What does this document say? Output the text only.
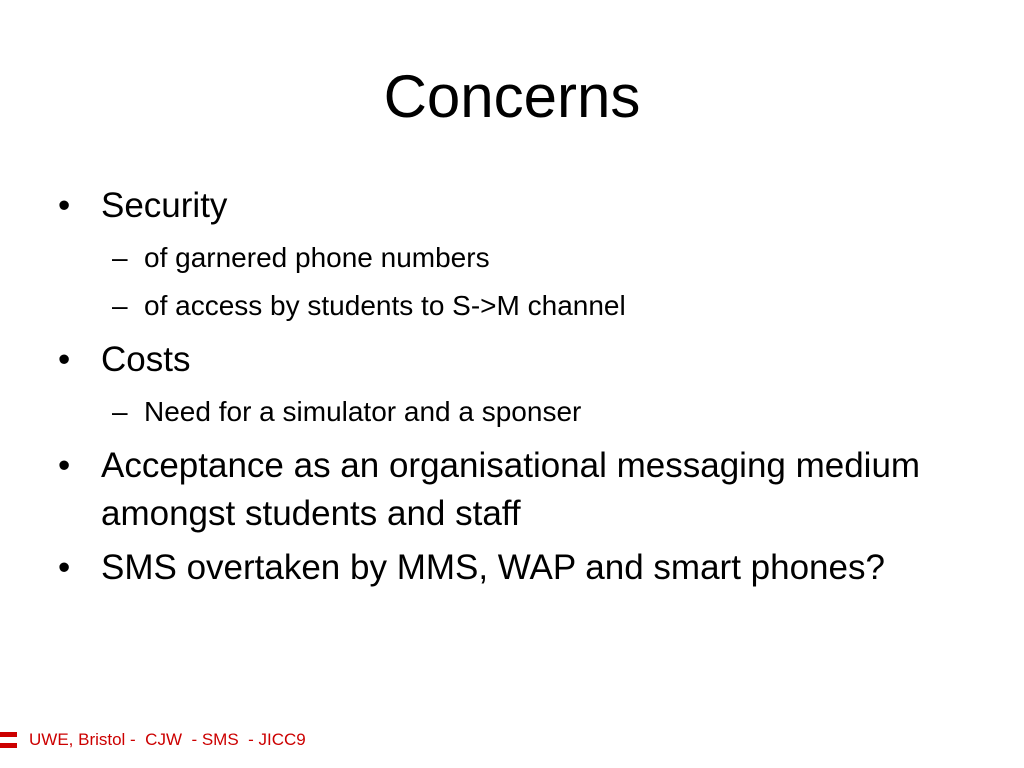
Concerns
• Security
– of garnered phone numbers
– of access by students to S->M channel
• Costs
– Need for a simulator and a sponser
• Acceptance as an organisational messaging medium amongst students and staff
• SMS overtaken by MMS, WAP and smart phones?
UWE, Bristol -  CJW  - SMS  - JICC9
